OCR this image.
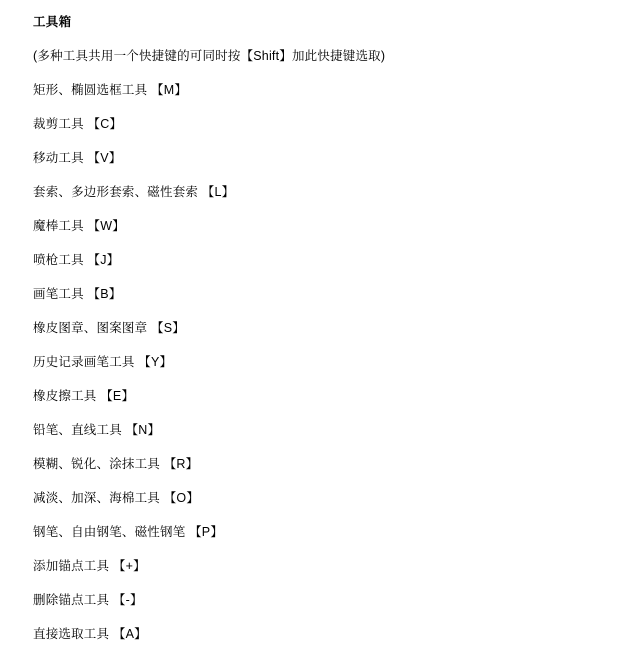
工具箱
(多种工具共用一个快捷键的可同时按【Shift】加此快捷键选取)
矩形、椭圆选框工具 【M】
裁剪工具 【C】
移动工具 【V】
套索、多边形套索、磁性套索 【L】
魔棒工具 【W】
喷枪工具 【J】
画笔工具 【B】
橡皮图章、图案图章 【S】
历史记录画笔工具 【Y】
橡皮擦工具 【E】
铅笔、直线工具 【N】
模糊、锐化、涂抹工具 【R】
减淡、加深、海棉工具 【O】
钢笔、自由钢笔、磁性钢笔 【P】
添加锚点工具 【+】
删除锚点工具 【-】
直接选取工具 【A】
